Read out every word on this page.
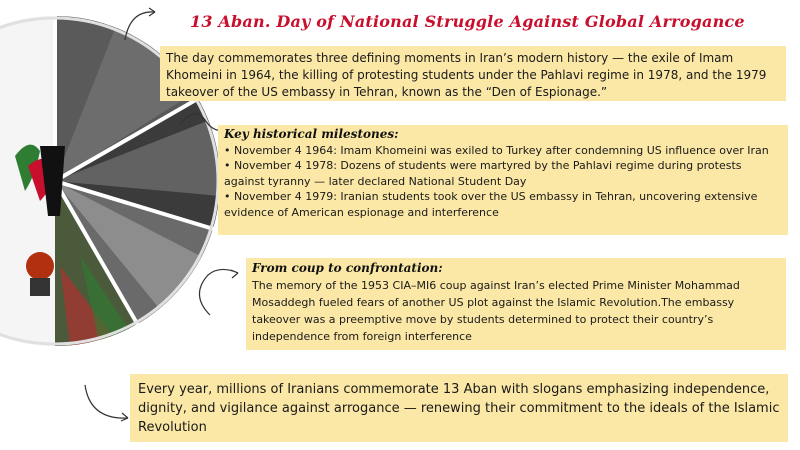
13 Aban. Day of National Struggle Against Global Arrogance
The day commemorates three defining moments in Iran’s modern history — the exile of Imam Khomeini in 1964, the killing of protesting students under the Pahlavi regime in 1978, and the 1979 takeover of the US embassy in Tehran, known as the “Den of Espionage.”
Key historical milestones:

• November 4 1964: Imam Khomeini was exiled to Turkey after condemning US influence over Iran

• November 4 1978: Dozens of students were martyred by the Pahlavi regime during protests against tyranny — later declared National Student Day

• November 4 1979: Iranian students took over the US embassy in Tehran, uncovering extensive evidence of American espionage and interference

From coup to confrontation:
The memory of the 1953 CIA–MI6 coup against Iran’s elected Prime Minister Mohammad Mosaddegh fueled fears of another US plot against the Islamic Revolution.The embassy takeover was a preemptive move by students determined to protect their country’s independence from foreign interference
Every year, millions of Iranians commemorate 13 Aban with slogans emphasizing independence, dignity, and vigilance against arrogance — renewing their commitment to the ideals of the Islamic Revolution
